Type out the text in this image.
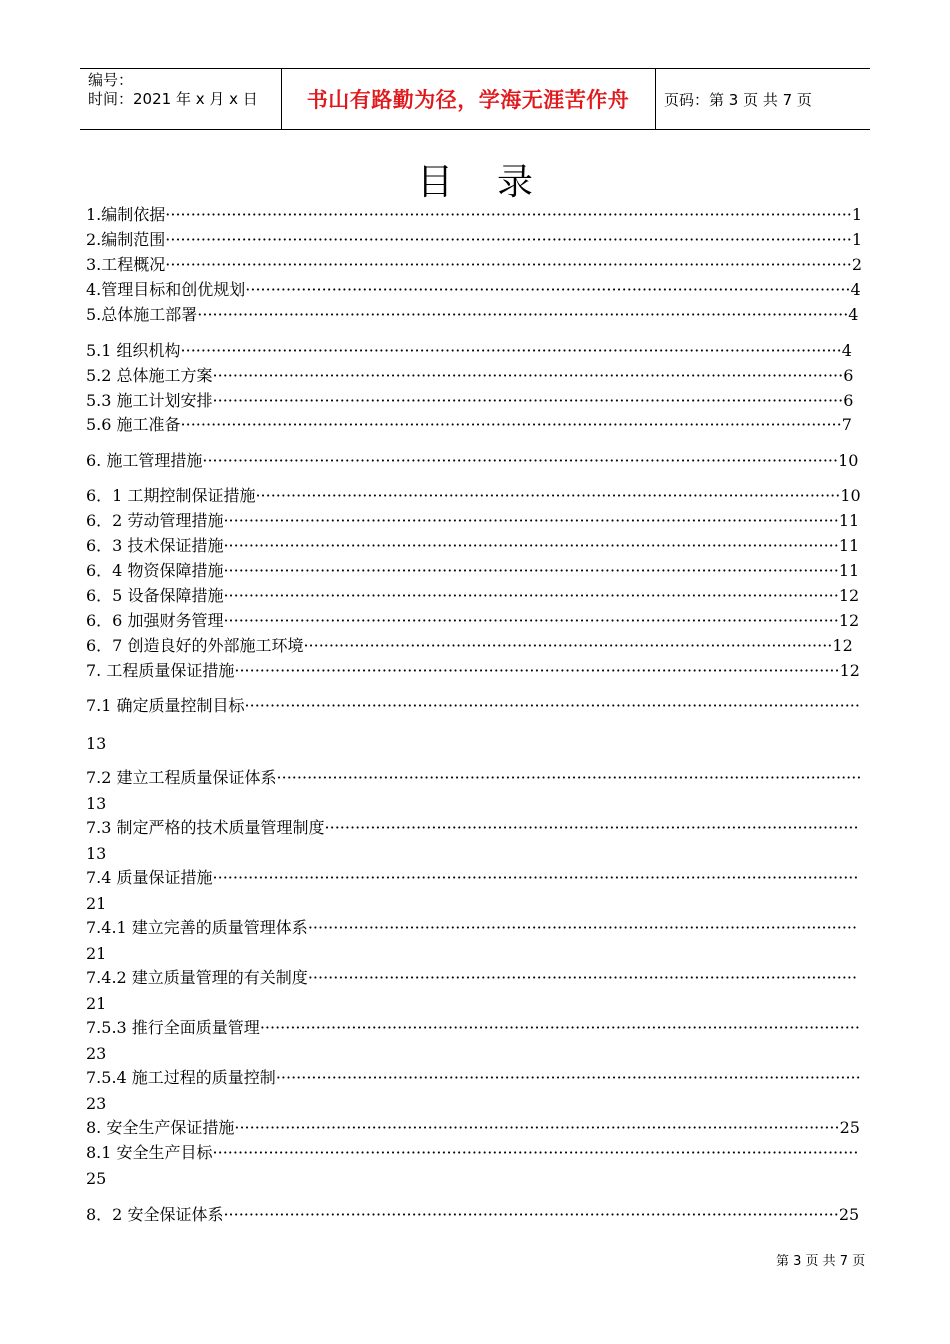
编号：
时间：2021 年 x 月 x 日	书山有路勤为径，学海无涯苦作舟	页码：第 3 页 共 7 页
目录
1.编制依据·······································································································································1
2.编制范围·······································································································································1
3.工程概况·······································································································································2
4.管理目标和创优规划·······················································································································4
5.总体施工部署································································································································4
5.1 组织机构··································································································································4
5.2 总体施工方案····························································································································6
5.3 施工计划安排····························································································································6
5.6 施工准备··································································································································7
6. 施工管理措施·····························································································································10
6．1 工期控制保证措施···················································································································10
6．2 劳动管理措施·························································································································11
6．3 技术保证措施·························································································································11
6．4 物资保障措施·························································································································11
6．5 设备保障措施·························································································································12
6．6 加强财务管理·························································································································12
6．7 创造良好的外部施工环境········································································································12
7. 工程质量保证措施·······················································································································12
7.1 确定质量控制目标·························································································································
13
7.2 建立工程质量保证体系···················································································································
13
7.3 制定严格的技术质量管理制度·········································································································
13
7.4 质量保证措施·······························································································································
21
7.4.1 建立完善的质量管理体系············································································································
21
7.4.2 建立质量管理的有关制度············································································································
21
7.5.3 推行全面质量管理······················································································································
23
7.5.4 施工过程的质量控制···················································································································
23
8. 安全生产保证措施·······················································································································25
8.1 安全生产目标·······························································································································
25
8．2 安全保证体系·························································································································25
第 3 页 共 7 页
